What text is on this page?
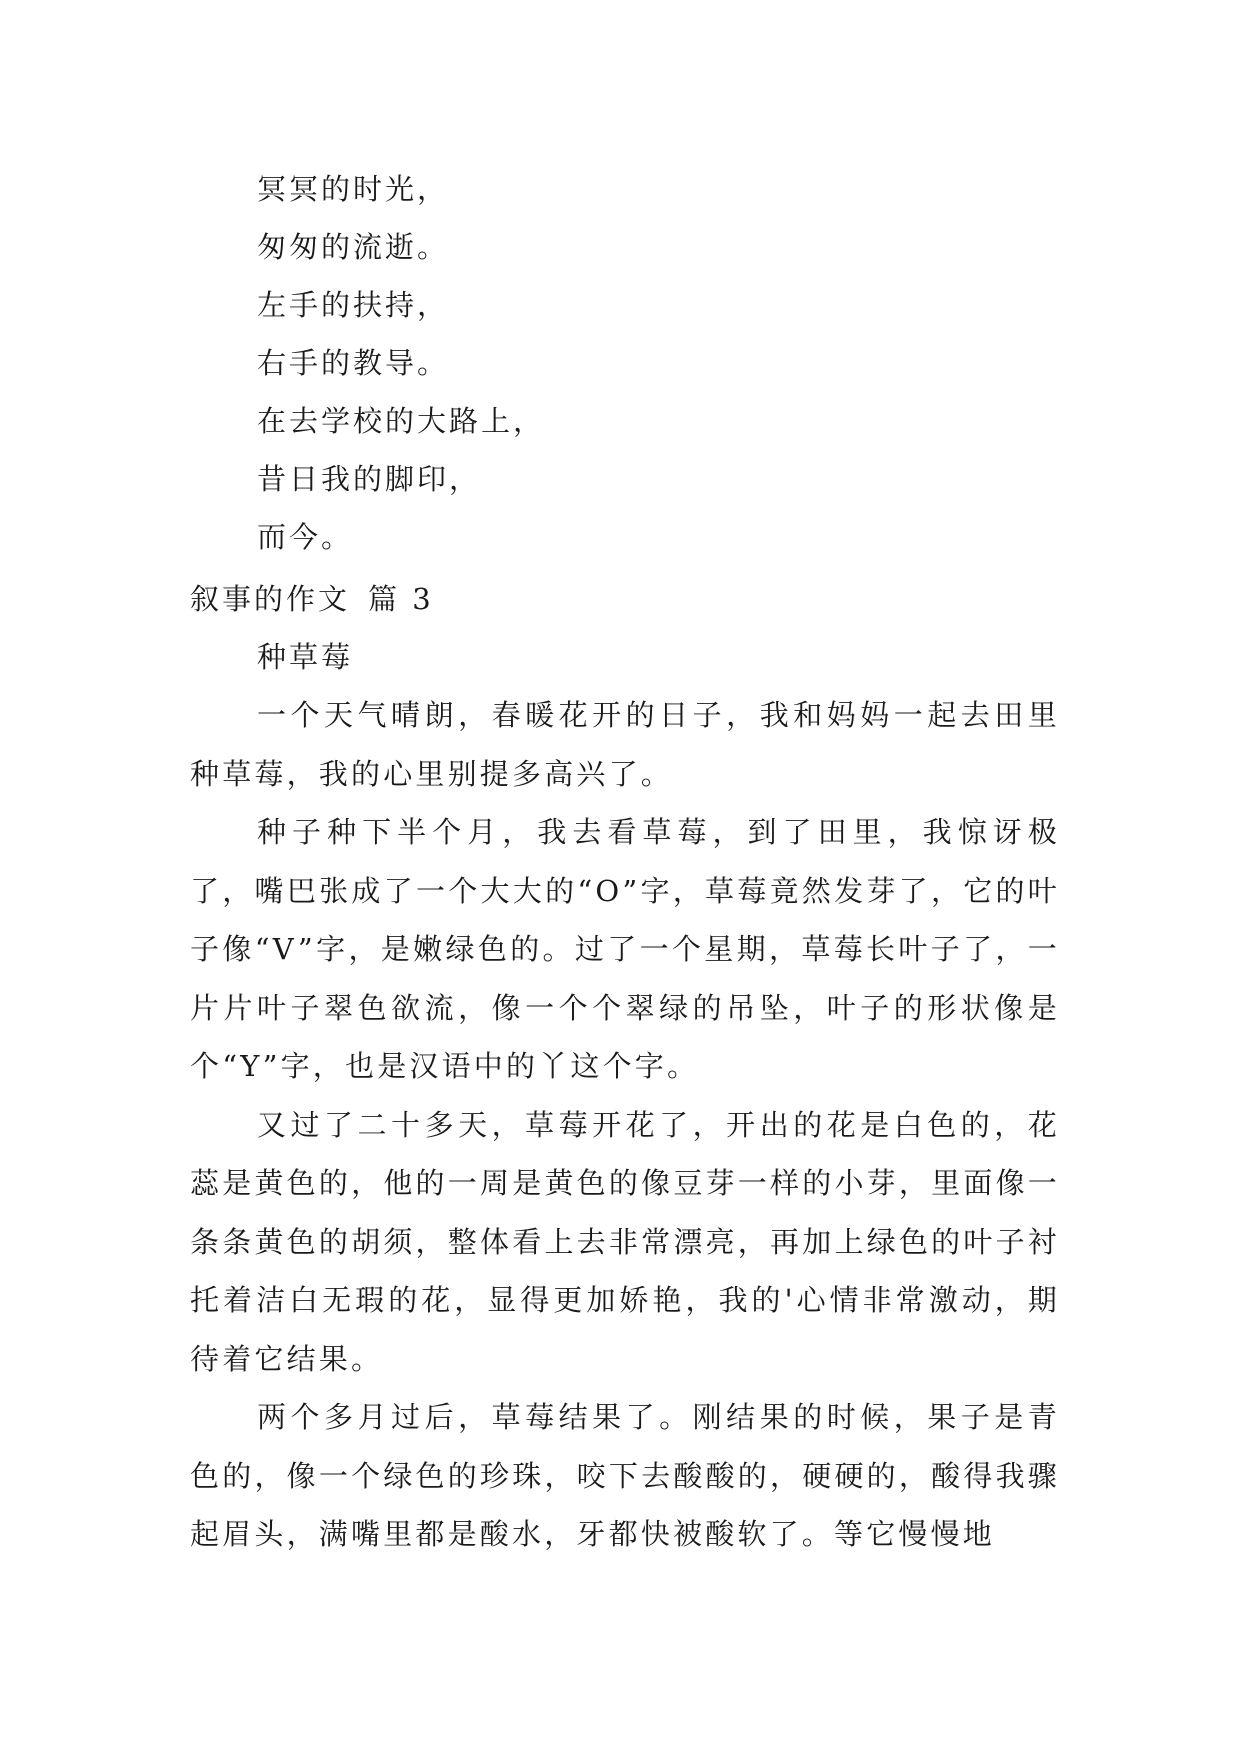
冥冥的时光，
匆匆的流逝。
左手的扶持，
右手的教导。
在去学校的大路上，
昔日我的脚印，
而今。
叙事的作文 篇 3
种草莓

一个天气晴朗，春暖花开的日子，我和妈妈一起去田里种草莓，我的心里别提多高兴了。

种子种下半个月，我去看草莓，到了田里，我惊讶极了，嘴巴张成了一个大大的“O”字，草莓竟然发芽了，它的叶子像“V”字，是嫩绿色的。过了一个星期，草莓长叶子了，一片片叶子翠色欲流，像一个个翠绿的吊坠，叶子的形状像是个“Y”字，也是汉语中的丫这个字。

又过了二十多天，草莓开花了，开出的花是白色的，花蕊是黄色的，他的一周是黄色的像豆芽一样的小芽，里面像一条条黄色的胡须，整体看上去非常漂亮，再加上绿色的叶子衬托着洁白无瑕的花，显得更加娇艳，我的'心情非常激动，期待着它结果。

两个多月过后，草莓结果了。刚结果的时候，果子是青色的，像一个绿色的珍珠，咬下去酸酸的，硬硬的，酸得我骤起眉头，满嘴里都是酸水，牙都快被酸软了。等它慢慢地
